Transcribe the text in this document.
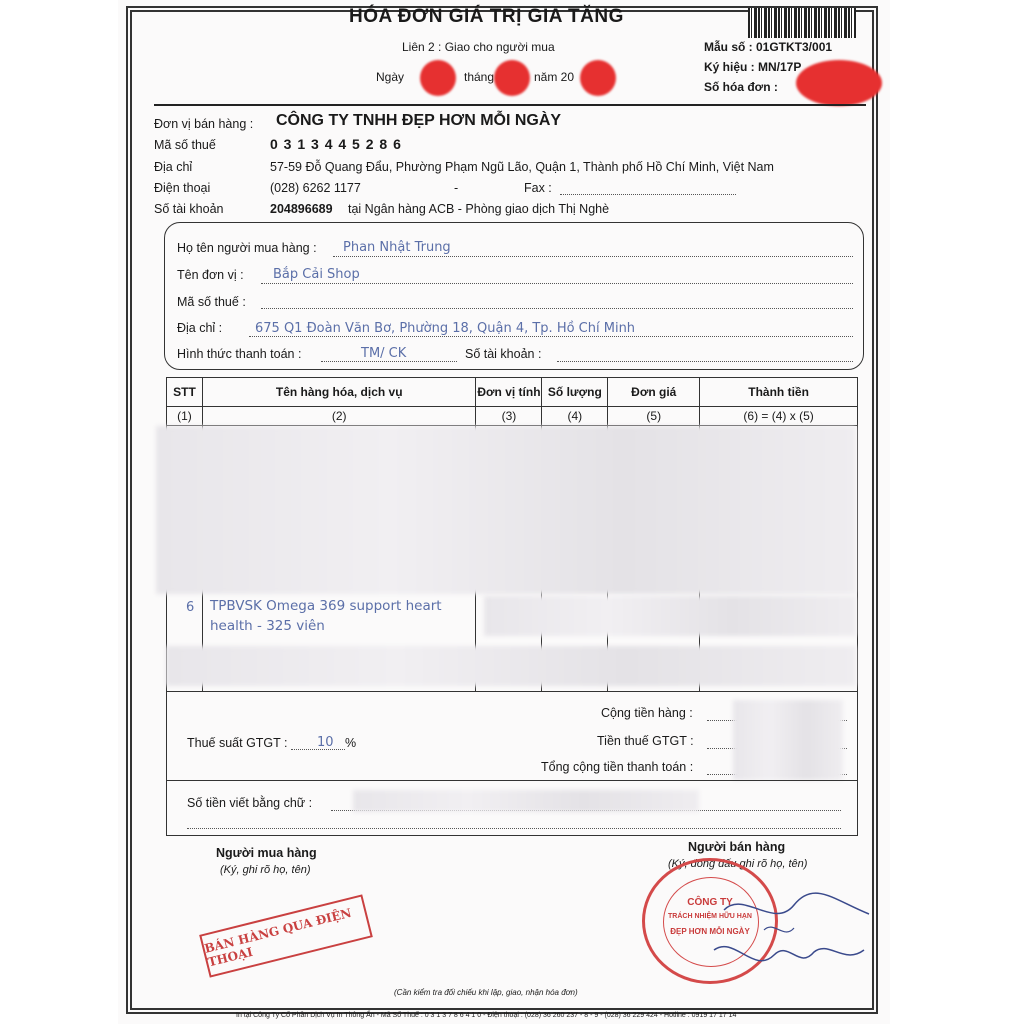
HÓA ĐƠN GIÁ TRỊ GIA TĂNG
Liên 2 : Giao cho người mua
Ngày	tháng	năm 20
Mẫu số : 01GTKT3/001
Ký hiệu : MN/17P
Số hóa đơn :
Đơn vị bán hàng : CÔNG TY TNHH ĐẸP HƠN MỖI NGÀY
Mã số thuế	0 3 1 3 4 4 5 2 8 6
Địa chỉ	57-59 Đỗ Quang Đẩu, Phường Phạm Ngũ Lão, Quận 1, Thành phố Hồ Chí Minh, Việt Nam
Điện thoại	(028) 6262 1177	-	Fax :
Số tài khoản	204896689 tại Ngân hàng ACB - Phòng giao dịch Thị Nghè
Họ tên người mua hàng : Phan Nhật Trung
Tên đơn vị : Bắp Cải Shop
Mã số thuế :
Địa chỉ :	675 Q1 Đoàn Văn Bơ, Phường 18, Quận 4, Tp. Hồ Chí Minh
Hình thức thanh toán :	TM/ CK	Số tài khoản :
STT	Tên hàng hóa, dịch vụ	Đơn vị tính	Số lượng	Đơn giá	Thành tiền
(1)	(2)	(3)	(4)	(5)	(6) = (4) x (5)

6 TPBVSK Omega 369 support heart
health - 325 viên
Cộng tiền hàng :
Thuế suất GTGT : 10 %	Tiền thuế GTGT :
Tổng cộng tiền thanh toán :
Số tiền viết bằng chữ :
Người mua hàng
(Ký, ghi rõ họ, tên)
Người bán hàng
(Ký, đóng dấu ghi rõ họ, tên)
BÁN HÀNG QUA ĐIỆN THOẠI
CÔNG TY
TRÁCH NHIỆM HỮU HẠN
ĐẸP HƠN MỖI NGÀY
(Cần kiểm tra đối chiếu khi lập, giao, nhận hóa đơn)
In tại Công Ty Cổ Phần Dịch Vụ In Thông Ấn - Mã Số Thuế : 0 3 1 3 7 8 6 4 1 0 - Điện thoại : (028) 36 260 237 - 8 - 9 - (028) 36 229 424 - Hotline : 0919 17 17 14
